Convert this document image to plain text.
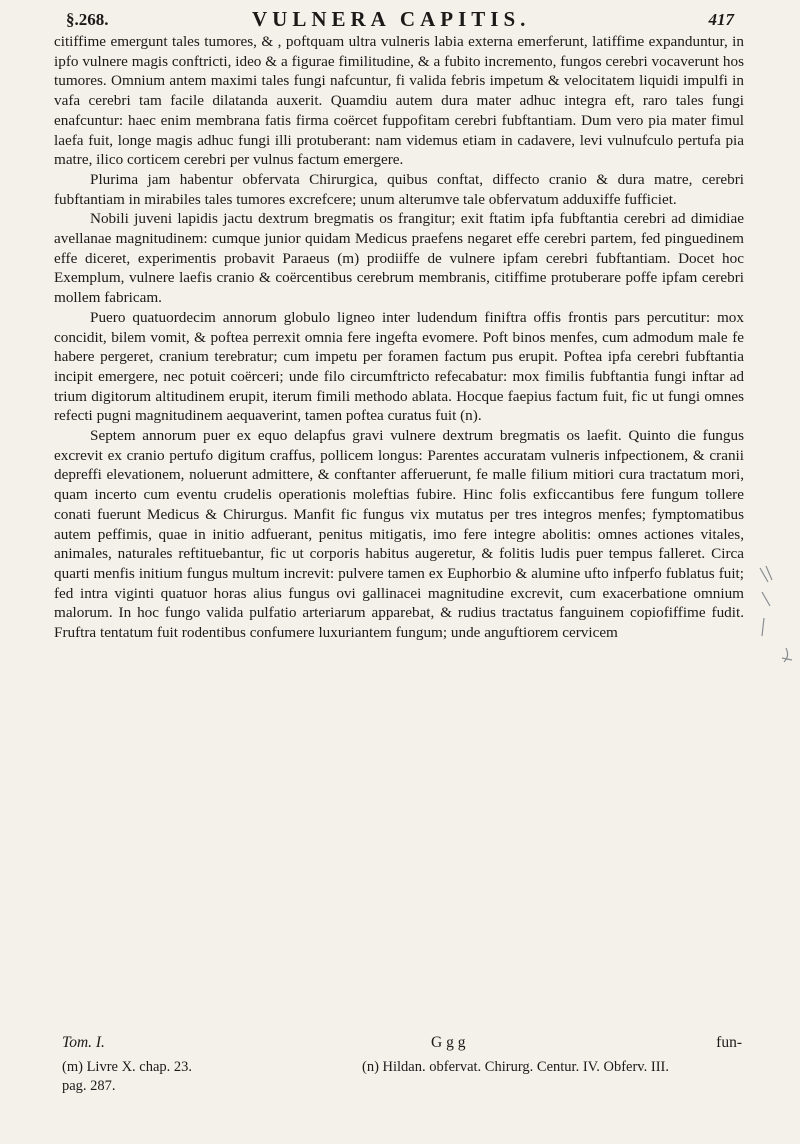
§.268.	VULNERA CAPITIS.	417

citiffime emergunt tales tumores, & , poftquam ultra vulneris labia externa emerferunt, latiffime expanduntur, in ipfo vulnere magis conftricti, ideo & a figurae fimilitudine, & a fubito incremento, fungos cerebri vocaverunt hos tumores. Omnium antem maximi tales fungi nafcuntur, fi valida febris impetum & velocitatem liquidi impulfi in vafa cerebri tam facile dilatanda auxerit. Quamdiu autem dura mater adhuc integra eft, raro tales fungi enafcuntur: haec enim membrana fatis firma coërcet fuppofitam cerebri fubftantiam. Dum vero pia mater fimul laefa fuit, longe magis adhuc fungi illi protuberant: nam videmus etiam in cadavere, levi vulnufculo pertufa pia matre, ilico corticem cerebri per vulnus factum emergere.

Plurima jam habentur obfervata Chirurgica, quibus conftat, diffecto cranio & dura matre, cerebri fubftantiam in mirabiles tales tumores excrefcere; unum alterumve tale obfervatum adduxiffe fufficiet.

Nobili juveni lapidis jactu dextrum bregmatis os frangitur; exit ftatim ipfa fubftantia cerebri ad dimidiae avellanae magnitudinem: cumque junior quidam Medicus praefens negaret effe cerebri partem, fed pinguedinem effe diceret, experimentis probavit Paraeus (m) prodiiffe de vulnere ipfam cerebri fubftantiam. Docet hoc Exemplum, vulnere laefis cranio & coërcentibus cerebrum membranis, citiffime protuberare poffe ipfam cerebri mollem fabricam.

Puero quatuordecim annorum globulo ligneo inter ludendum finiftra offis frontis pars percutitur: mox concidit, bilem vomit, & poftea perrexit omnia fere ingefta evomere. Poft binos menfes, cum admodum male fe habere pergeret, cranium terebratur; cum impetu per foramen factum pus erupit. Poftea ipfa cerebri fubftantia incipit emergere, nec potuit coërceri; unde filo circumftricto refecabatur: mox fimilis fubftantia fungi inftar ad trium digitorum altitudinem erupit, iterum fimili methodo ablata. Hocque faepius factum fuit, fic ut fungi omnes refecti pugni magnitudinem aequaverint, tamen poftea curatus fuit (n).

Septem annorum puer ex equo delapfus gravi vulnere dextrum bregmatis os laefit. Quinto die fungus excrevit ex cranio pertufo digitum craffus, pollicem longus: Parentes accuratam vulneris infpectionem, & cranii depreffi elevationem, noluerunt admittere, & conftanter afferuerunt, fe malle filium mitiori cura tractatum mori, quam incerto cum eventu crudelis operationis moleftias fubire. Hinc folis exficcantibus fere fungum tollere conati fuerunt Medicus & Chirurgus. Manfit fic fungus vix mutatus per tres integros menfes; fymptomatibus autem peffimis, quae in initio adfuerant, penitus mitigatis, imo fere integre abolitis: omnes actiones vitales, animales, naturales reftituebantur, fic ut corporis habitus augeretur, & folitis ludis puer tempus falleret. Circa quarti menfis initium fungus multum increvit: pulvere tamen ex Euphorbio & alumine ufto infperfo fublatus fuit; fed intra viginti quatuor horas alius fungus ovi gallinacei magnitudine excrevit, cum exacerbatione omnium malorum. In hoc fungo valida pulfatio arteriarum apparebat, & rudius tractatus fanguinem copiofiffime fudit. Fruftra tentatum fuit rodentibus confumere luxuriantem fungum; unde anguftiorem cervicem

Tom. I.	G g g	fun-
(m) Livre X. chap. 23.	(n) Hildan. obfervat. Chirurg. Centur. IV. Obferv. III.
pag. 287.
